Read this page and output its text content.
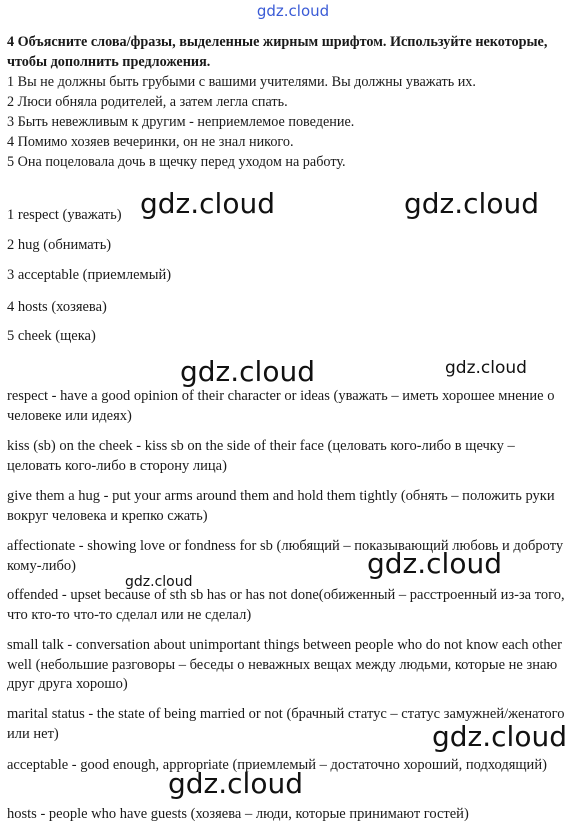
gdz.cloud
4 Объясните слова/фразы, выделенные жирным шрифтом. Используйте некоторые, чтобы дополнить предложения.
1 Вы не должны быть грубыми с вашими учителями. Вы должны уважать их.
2 Люси обняла родителей, а затем легла спать.
3 Быть невежливым к другим - неприемлемое поведение.
4 Помимо хозяев вечеринки, он не знал никого.
5 Она поцеловала дочь в щечку перед уходом на работу.
1 respect (уважать)
2 hug (обнимать)
3 acceptable (приемлемый)
4 hosts (хозяева)
5 cheek (щека)
respect - have a good opinion of their character or ideas (уважать – иметь хорошее мнение о человеке или идеях)
kiss (sb) on the cheek - kiss sb on the side of their face (целовать кого-либо в щечку – целовать кого-либо в сторону лица)
give them a hug - put your arms around them and hold them tightly (обнять – положить руки вокруг человека и крепко сжать)
affectionate - showing love or fondness for sb (любящий – показывающий любовь и доброту кому-либо)
offended - upset because of sth sb has or has not done(обиженный – расстроенный из-за того, что кто-то что-то сделал или не сделал)
small talk - conversation about unimportant things between people who do not know each other well (небольшие разговоры – беседы о неважных вещах между людьми, которые не знаю друг друга хорошо)
marital status - the state of being married or not (брачный статус – статус замужней/женатого или нет)
acceptable - good enough, appropriate (приемлемый – достаточно хороший, подходящий)
hosts - people who have guests (хозяева – люди, которые принимают гостей)
gdz.cloud	gdz.cloud
gdz.cloud	gdz.cloud
gdz.cloud
gdz.cloud
gdz.cloud
gdz.cloud
